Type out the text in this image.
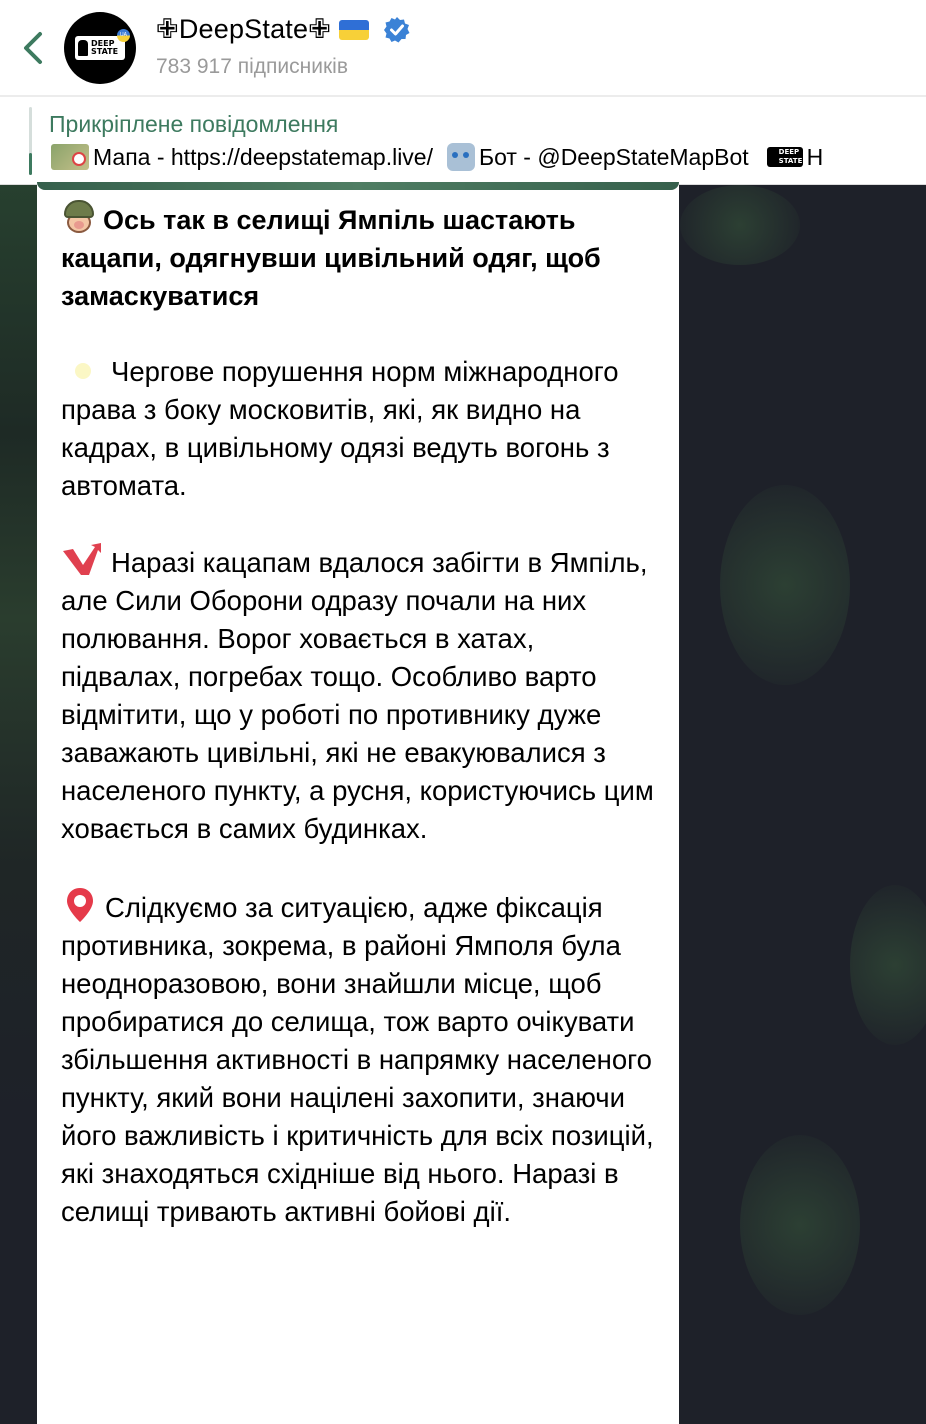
DEEP
STATE
UA ✙DeepState✙
783 917 підписників
Прикріплене повідомлення
Мапа - https://deepstatemap.live/ Бот - @DeepStateMapBot	DEEP
STATE H

Ось так в селищі Ямпіль шастають кацапи, одягнувши цивільний одяг, щоб замаскуватися

Чергове порушення норм міжнародного права з боку московитів, які, як видно на кадрах, в цивільному одязі ведуть вогонь з автомата.

Наразі кацапам вдалося забігти в Ямпіль, але Сили Оборони одразу почали на них полювання. Ворог ховається в хатах, підвалах, погребах тощо. Особливо варто відмітити, що у роботі по противнику дуже заважають цивільні, які не евакуювалися з населеного пункту, а русня, користуючись цим ховається в самих будинках.

Слідкуємо за ситуацією, адже фіксація противника, зокрема, в районі Ямполя була неодноразовою, вони знайшли місце, щоб пробиратися до селища, тож варто очікувати збільшення активності в напрямку населеного пункту, який вони націлені захопити, знаючи його важливість і критичність для всіх позицій, які знаходяться східніше від нього. Наразі в селищі тривають активні бойові дії.
